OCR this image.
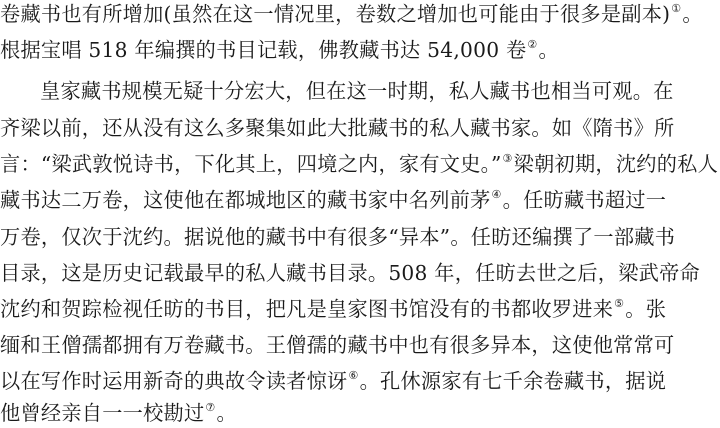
卷藏书也有所增加(虽然在这一情况里，卷数之增加也可能由于很多是副本)①。
根据宝唱 518 年编撰的书目记载，佛教藏书达 54,000 卷②。
皇家藏书规模无疑十分宏大，但在这一时期，私人藏书也相当可观。在
齐梁以前，还从没有这么多聚集如此大批藏书的私人藏书家。如《隋书》所
言：“梁武敦悦诗书，下化其上，四境之内，家有文史。”③梁朝初期，沈约的私人
藏书达二万卷，这使他在都城地区的藏书家中名列前茅④。任昉藏书超过一
万卷，仅次于沈约。据说他的藏书中有很多“异本”。任昉还编撰了一部藏书
目录，这是历史记载最早的私人藏书目录。508 年，任昉去世之后，梁武帝命
沈约和贺踪检视任昉的书目，把凡是皇家图书馆没有的书都收罗进来⑤。张
缅和王僧孺都拥有万卷藏书。王僧孺的藏书中也有很多异本，这使他常常可
以在写作时运用新奇的典故令读者惊讶⑥。孔休源家有七千余卷藏书，据说
他曾经亲自一一校勘过⑦。
